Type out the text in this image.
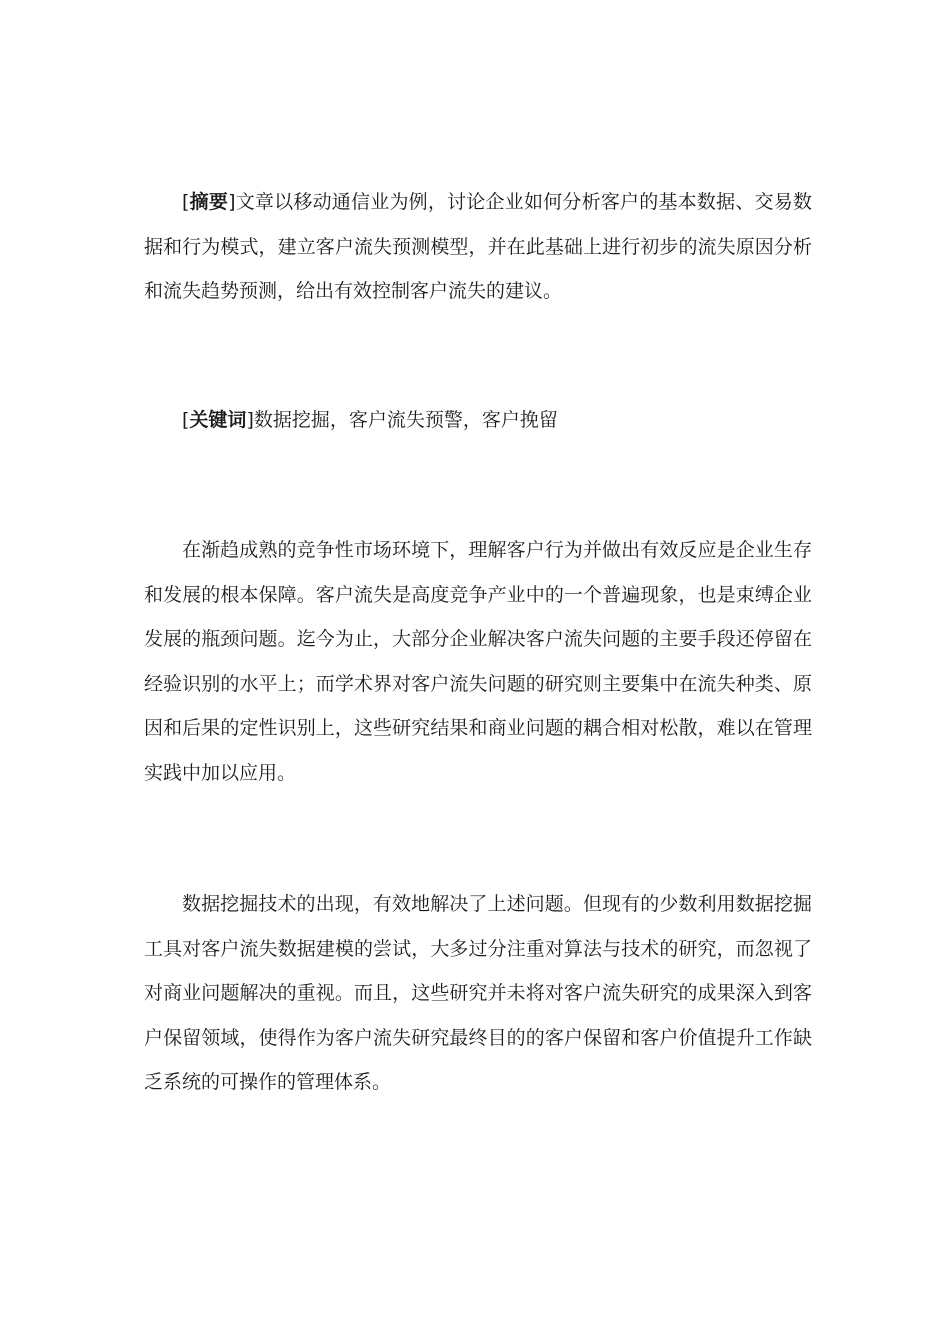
[摘要]文章以移动通信业为例，讨论企业如何分析客户的基本数据、交易数据和行为模式，建立客户流失预测模型，并在此基础上进行初步的流失原因分析和流失趋势预测，给出有效控制客户流失的建议。

[关键词]数据挖掘，客户流失预警，客户挽留

在渐趋成熟的竞争性市场环境下，理解客户行为并做出有效反应是企业生存和发展的根本保障。客户流失是高度竞争产业中的一个普遍现象，也是束缚企业发展的瓶颈问题。迄今为止，大部分企业解决客户流失问题的主要手段还停留在经验识别的水平上；而学术界对客户流失问题的研究则主要集中在流失种类、原因和后果的定性识别上，这些研究结果和商业问题的耦合相对松散，难以在管理实践中加以应用。

数据挖掘技术的出现，有效地解决了上述问题。但现有的少数利用数据挖掘工具对客户流失数据建模的尝试，大多过分注重对算法与技术的研究，而忽视了对商业问题解决的重视。而且，这些研究并未将对客户流失研究的成果深入到客户保留领域，使得作为客户流失研究最终目的的客户保留和客户价值提升工作缺乏系统的可操作的管理体系。
